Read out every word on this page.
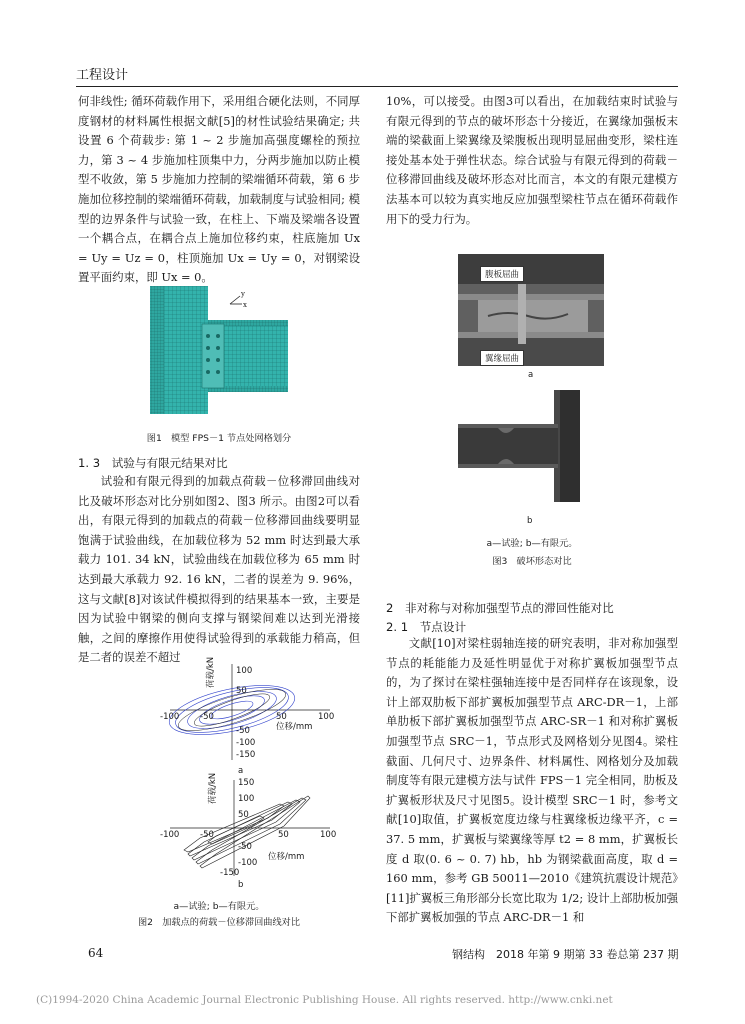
工程设计

何非线性; 循环荷载作用下，采用组合硬化法则，不同厚度钢材的材料属性根据文献[5]的材性试验结果确定; 共设置 6 个荷载步: 第 1 ~ 2 步施加高强度螺栓的预拉力，第 3 ~ 4 步施加柱顶集中力，分两步施加以防止模型不收敛，第 5 步施加力控制的梁端循环荷载，第 6 步施加位移控制的梁端循环荷载，加载制度与试验相同; 模型的边界条件与试验一致，在柱上、下端及梁端各设置一个耦合点，在耦合点上施加位移约束，柱底施加 Ux = Uy = Uz = 0，柱顶施加 Ux = Uy = 0，对钢梁设置平面约束，即 Ux = 0。

y
x
图1　模型 FPS－1 节点处网格划分
1. 3　试验与有限元结果对比

试验和有限元得到的加载点荷载－位移滞回曲线对比及破坏形态对比分别如图2、图3 所示。由图2可以看出，有限元得到的加载点的荷载－位移滞回曲线要明显饱满于试验曲线，在加载位移为 52 mm 时达到最大承载力 101. 34 kN，试验曲线在加载位移为 65 mm 时达到最大承载力 92. 16 kN，二者的误差为 9. 96%，这与文献[8]对该试件模拟得到的结果基本一致，主要是因为试验中钢梁的侧向支撑与钢梁间难以达到光滑接触，之间的摩擦作用使得试验得到的承载能力稍高，但是二者的误差不超过	荷载/kN
位移/mm
-100 -50	50	100
100
50
-50
-100
-150
a
荷载/kN
位移/mm
-100 -50	50	100
150
100
50
-50
-100
-150
b
a—试验; b—有限元。
图2　加载点的荷载－位移滞回曲线对比

10%，可以接受。由图3可以看出，在加载结束时试验与有限元得到的节点的破坏形态十分接近，在翼缘加强板末端的梁截面上梁翼缘及梁腹板出现明显屈曲变形，梁柱连接处基本处于弹性状态。综合试验与有限元得到的荷载－位移滞回曲线及破坏形态对比而言，本文的有限元建模方法基本可以较为真实地反应加强型梁柱节点在循环荷载作用下的受力行为。

腹板屈曲
翼缘屈曲
a
b
a—试验; b—有限元。
图3　破坏形态对比
2　非对称与对称加强型节点的滞回性能对比
2. 1　节点设计

文献[10]对梁柱弱轴连接的研究表明，非对称加强型节点的耗能能力及延性明显优于对称扩翼板加强型节点的，为了探讨在梁柱强轴连接中是否同样存在该现象，设计上部双肋板下部扩翼板加强型节点 ARC-DR－1，上部单肋板下部扩翼板加强型节点 ARC-SR－1 和对称扩翼板加强型节点 SRC－1，节点形式及网格划分见图4。梁柱截面、几何尺寸、边界条件、材料属性、网格划分及加载制度等有限元建模方法与试件 FPS－1 完全相同，肋板及扩翼板形状及尺寸见图5。设计模型 SRC－1 时，参考文献[10]取值，扩翼板宽度边缘与柱翼缘板边缘平齐，c = 37. 5 mm，扩翼板与梁翼缘等厚 t2 = 8 mm，扩翼板长度 d 取(0. 6 ~ 0. 7) hb，hb 为钢梁截面高度，取 d = 160 mm，参考 GB 50011—2010《建筑抗震设计规范》[11]扩翼板三角形部分长宽比取为 1/2; 设计上部肋板加强下部扩翼板加强的节点 ARC-DR－1 和

64	钢结构　2018 年第 9 期第 33 卷总第 237 期
(C)1994-2020 China Academic Journal Electronic Publishing House. All rights reserved. http://www.cnki.net
